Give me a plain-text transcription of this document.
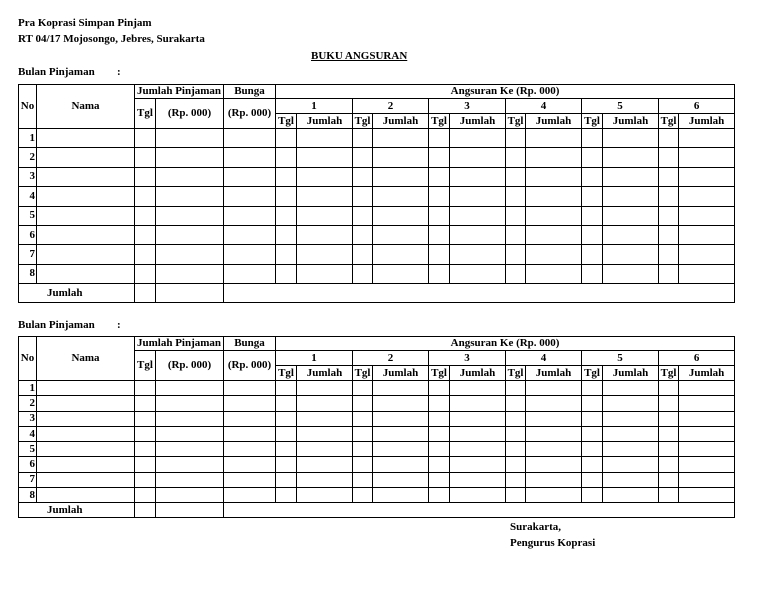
Pra Koprasi Simpan Pinjam
RT 04/17 Mojosongo, Jebres, Surakarta
BUKU ANGSURAN
Bulan Pinjaman :
Bulan Pinjaman :
No	Nama	Jumlah Pinjaman		Bunga	Angsuran Ke (Rp. 000)											
		Tgl	(Rp. 000)	(Rp. 000)	1		2		3		4		5		6	
					Tgl	Jumlah	Tgl	Jumlah	Tgl	Jumlah	Tgl	Jumlah	Tgl	Jumlah	Tgl	Jumlah
1																
2																
3																
4																
5																
6																
7																
8																
Jumlah																
No	Nama	Jumlah Pinjaman		Bunga	Angsuran Ke (Rp. 000)											
		Tgl	(Rp. 000)	(Rp. 000)	1		2		3		4		5		6	
					Tgl	Jumlah	Tgl	Jumlah	Tgl	Jumlah	Tgl	Jumlah	Tgl	Jumlah	Tgl	Jumlah
1																
2																
3																
4																
5																
6																
7																
8																
Jumlah																
Surakarta,
Pengurus Koprasi
